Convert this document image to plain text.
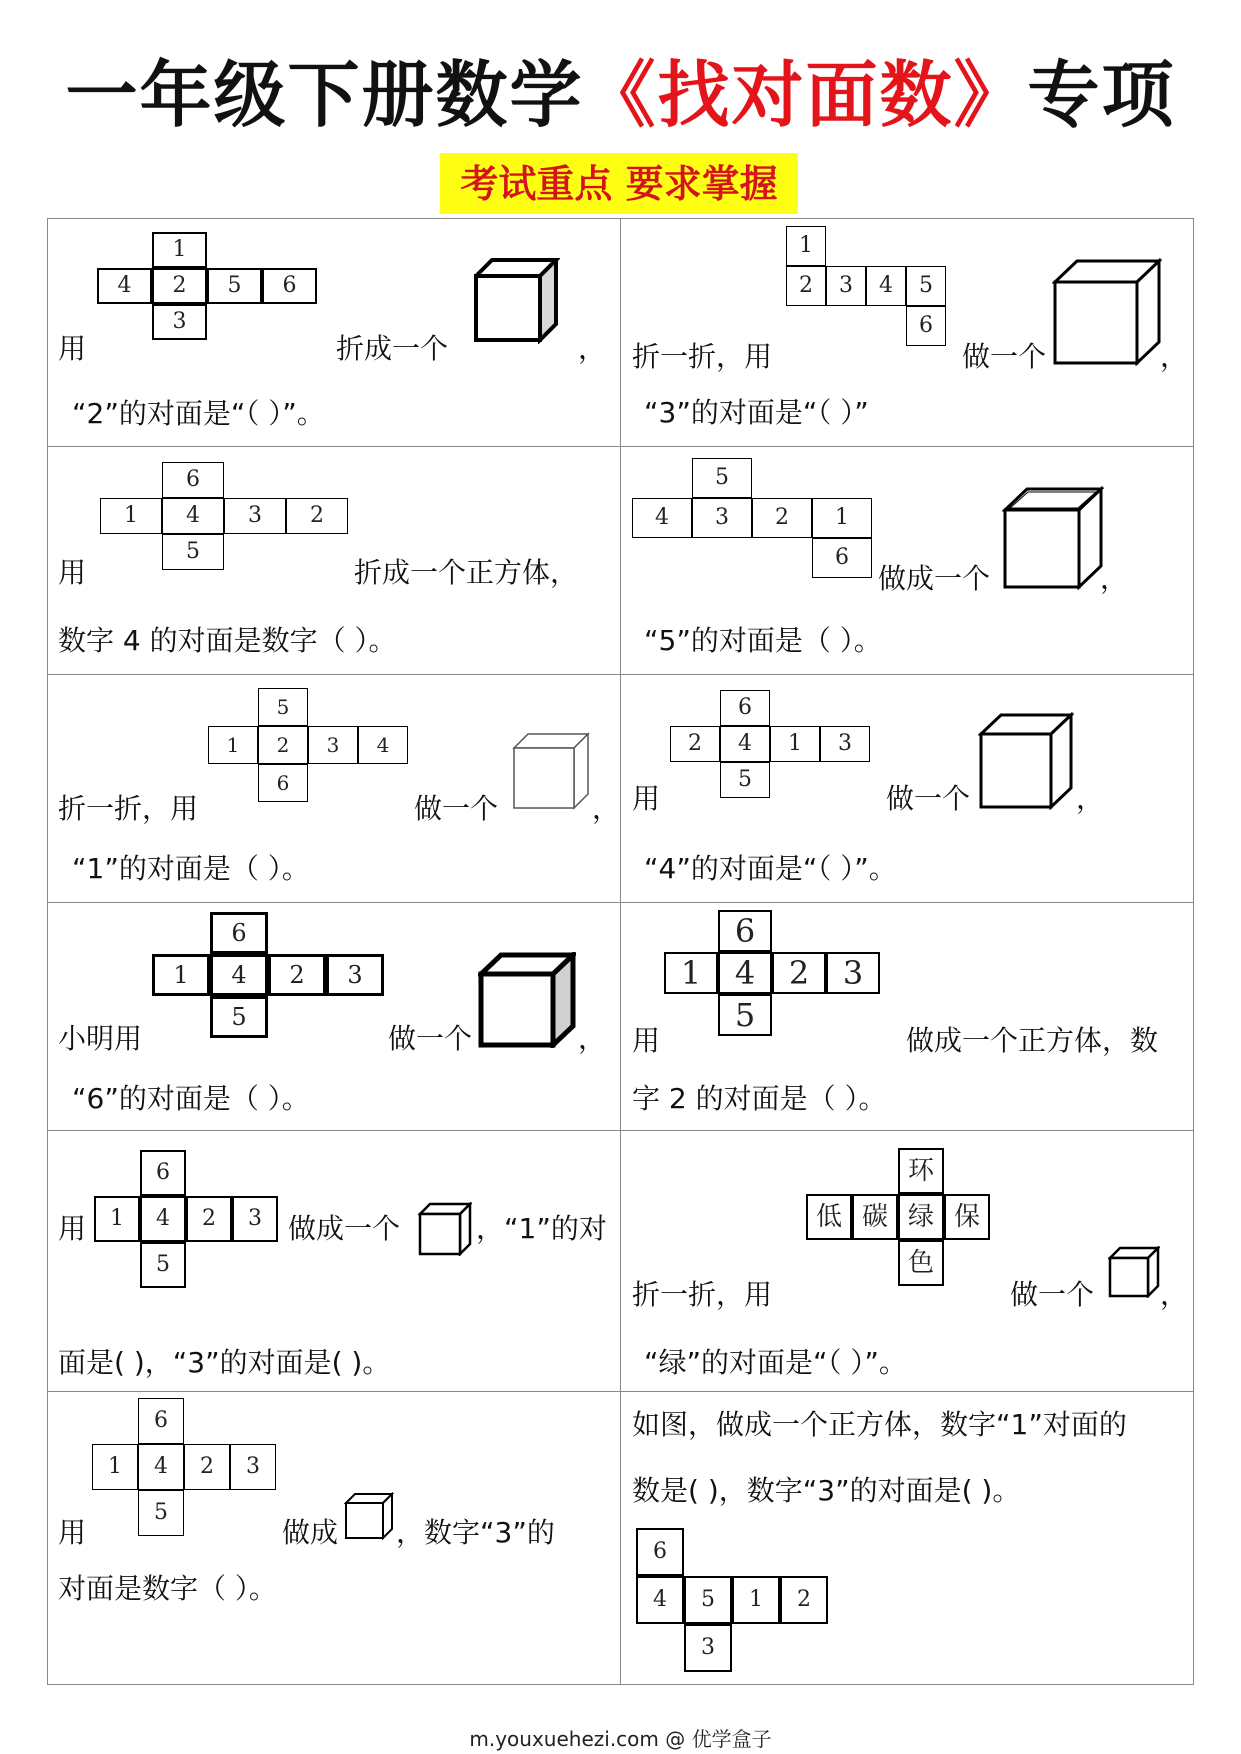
一年级下册数学《找对面数》专项
考试重点 要求掌握
用	折成一个	，
“2”的对面是“（ ）”。
1
4	2	5	6
3
折一折，用	做一个	，
“3”的对面是“（ ）”
1
2	3	4	5
6
用	折成一个正方体，
数字 4 的对面是数字（ ）。
6
1	4	3	2
5
做成一个	，
“5”的对面是（ ）。
5
4	3	2	1
6
折一折，用	做一个	，
“1”的对面是（ ）。
5
1	2	3	4
6	用	做一个	，
“4”的对面是“（ ）”。
6
2	4	1	3
5
小明用	做一个	，
“6”的对面是（ ）。
6
1	4	2	3
5
用	做成一个正方体，数
字 2 的对面是（ ）。
6
1	4	2	3
5
用	做成一个	，“1”的对
面是( )，“3”的对面是( )。
6
1	4	2	3
5
折一折，用	做一个 ，
“绿”的对面是“（ ）”。
环
低 碳 绿 保
色
用	做成 ，数字“3”的
对面是数字（ ）。
6
1	4	2	3
5
如图，做成一个正方体，数字“1”对面的
数是( )，数字“3”的对面是( )。
6
4	5	1	2
3
m.youxuehezi.com @ 优学盒子
